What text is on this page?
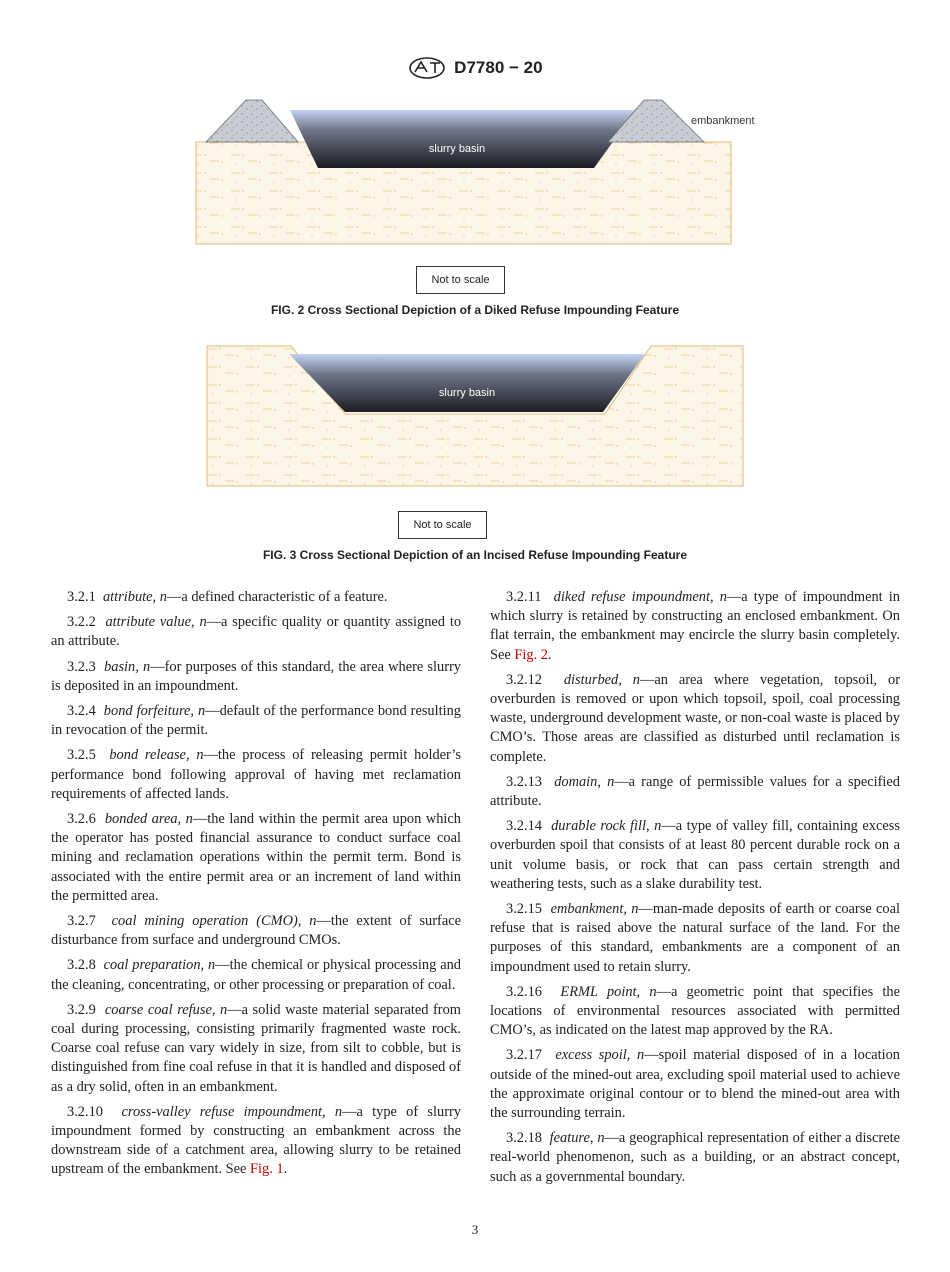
D7780 − 20
slurry basin
embankment
Not to scale
FIG. 2 Cross Sectional Depiction of a Diked Refuse Impounding Feature
slurry basin
Not to scale
FIG. 3 Cross Sectional Depiction of an Incised Refuse Impounding Feature

3.2.1 attribute, n—a defined characteristic of a feature.

3.2.2 attribute value, n—a specific quality or quantity assigned to an attribute.

3.2.3 basin, n—for purposes of this standard, the area where slurry is deposited in an impoundment.

3.2.4 bond forfeiture, n—default of the performance bond resulting in revocation of the permit.

3.2.5 bond release, n—the process of releasing permit holder’s performance bond following approval of having met reclamation requirements of affected lands.

3.2.6 bonded area, n—the land within the permit area upon which the operator has posted financial assurance to conduct surface coal mining and reclamation operations within the permit term. Bond is associated with the entire permit area or an increment of land within the permitted area.

3.2.7 coal mining operation (CMO), n—the extent of surface disturbance from surface and underground CMOs.

3.2.8 coal preparation, n—the chemical or physical processing and the cleaning, concentrating, or other processing or preparation of coal.

3.2.9 coarse coal refuse, n—a solid waste material separated from coal during processing, consisting primarily fragmented waste rock. Coarse coal refuse can vary widely in size, from silt to cobble, but is distinguished from fine coal refuse in that it is handled and disposed of as a dry solid, often in an embankment.

3.2.10 cross-valley refuse impoundment, n—a type of slurry impoundment formed by constructing an embankment across the downstream side of a catchment area, allowing slurry to be retained upstream of the embankment. See Fig. 1.

3.2.11 diked refuse impoundment, n—a type of impoundment in which slurry is retained by constructing an enclosed embankment. On flat terrain, the embankment may encircle the slurry basin completely. See Fig. 2.

3.2.12 disturbed, n—an area where vegetation, topsoil, or overburden is removed or upon which topsoil, spoil, coal processing waste, underground development waste, or non-coal waste is placed by CMO’s. Those areas are classified as disturbed until reclamation is complete.

3.2.13 domain, n—a range of permissible values for a specified attribute.

3.2.14 durable rock fill, n—a type of valley fill, containing excess overburden spoil that consists of at least 80 percent durable rock on a unit volume basis, or rock that can pass certain strength and weathering tests, such as a slake durability test.

3.2.15 embankment, n—man-made deposits of earth or coarse coal refuse that is raised above the natural surface of the land. For the purposes of this standard, embankments are a component of an impoundment used to retain slurry.

3.2.16 ERML point, n—a geometric point that specifies the locations of environmental resources associated with permitted CMO’s, as indicated on the latest map approved by the RA.

3.2.17 excess spoil, n—spoil material disposed of in a location outside of the mined-out area, excluding spoil material used to achieve the approximate original contour or to blend the mined-out area with the surrounding terrain.

3.2.18 feature, n—a geographical representation of either a discrete real-world phenomenon, such as a building, or an abstract concept, such as a governmental boundary.

3
